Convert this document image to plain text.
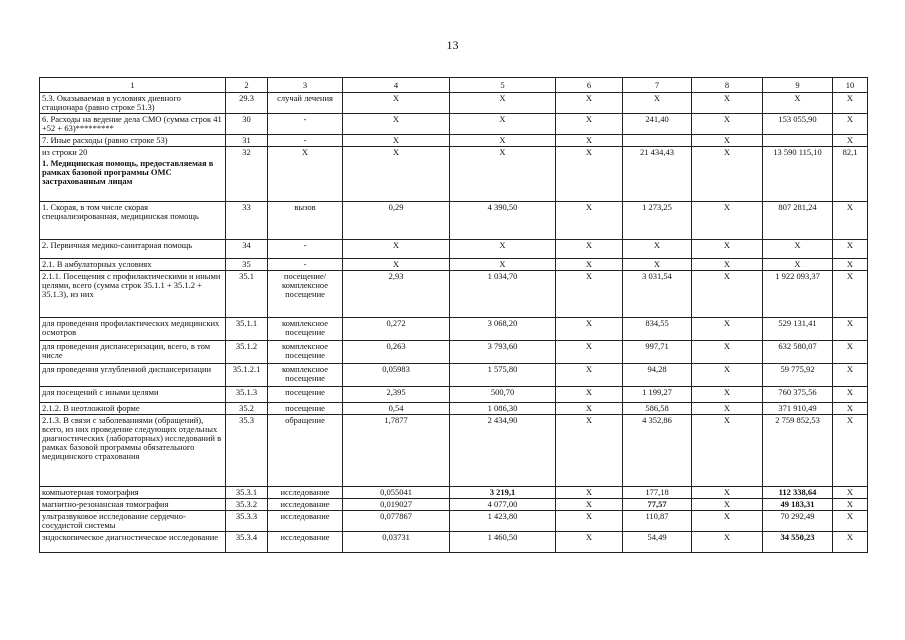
13
1	2	3	4	5	6	7	8	9	10
5.3. Оказываемая в условиях дневного стационара (равно строке 51.3)	29.3	случай лечения	X	X	X	X	X	X	X
6. Расходы на ведение дела СМО (сумма строк 41 +52 + 63)*********	30	-	X	X	X	241,40	X	153 055,90	X
7. Иные расходы (равно строке 53)	31	-	X	X	X		X		X
из строки 20
1. Медицинская помощь, предоставляемая в рамках базовой программы ОМС застрахованным лицам	32	X	X	X	X	21 434,43	X	13 590 115,10	82,1
1. Скорая, в том числе скорая специализированная, медицинская помощь	33	вызов	0,29	4 390,50	X	1 273,25	X	807 281,24	X
2. Первичная медико-санитарная помощь	34	-	X	X	X	X	X	X	X
2.1. В амбулаторных условиях	35	-	X	X	X	X	X	X	X
2.1.1. Посещения с профилактическими и иными целями, всего (сумма строк 35.1.1 + 35.1.2 + 35.1.3), из них	35.1	посещение/ комплексное посещение	2,93	1 034,70	X	3 031,54	X	1 922 093,37	X
для проведения профилактических медицинских осмотров	35.1.1	комплексное посещение	0,272	3 068,20	X	834,55	X	529 131,41	X
для проведения диспансеризации, всего, в том числе	35.1.2	комплексное посещение	0,263	3 793,60	X	997,71	X	632 580,07	X
для проведения углубленной диспансеризации	35.1.2.1	комплексное посещение	0,05983	1 575,80	X	94,28	X	59 775,92	X
для посещений с иными целями	35.1.3	посещение	2,395	500,70	X	1 199,27	X	760 375,56	X
2.1.2. В неотложной форме	35.2	посещение	0,54	1 086,30	X	586,58	X	371 910,49	X
2.1.3. В связи с заболеваниями (обращений), всего, из них проведение следующих отдельных диагностических (лабораторных) исследований в рамках базовой программы обязательного медицинского страхования	35.3	обращение	1,7877	2 434,90	X	4 352,86	X	2 759 852,53	X
компьютерная томография	35.3.1	исследование	0,055041	3 219,1	X	177,18	X	112 338,64	X
магнитно-резонансная томография	35.3.2	исследование	0,019027	4 077,00	X	77,57	X	49 183,31	X
ультразвуковое исследование сердечно-сосудистой системы	35.3.3	исследование	0,077867	1 423,80	X	110,87	X	70 292,49	X
эндоскопическое диагностическое исследование	35.3.4	исследование	0,03731	1 460,50	X	54,49	X	34 550,23	X
